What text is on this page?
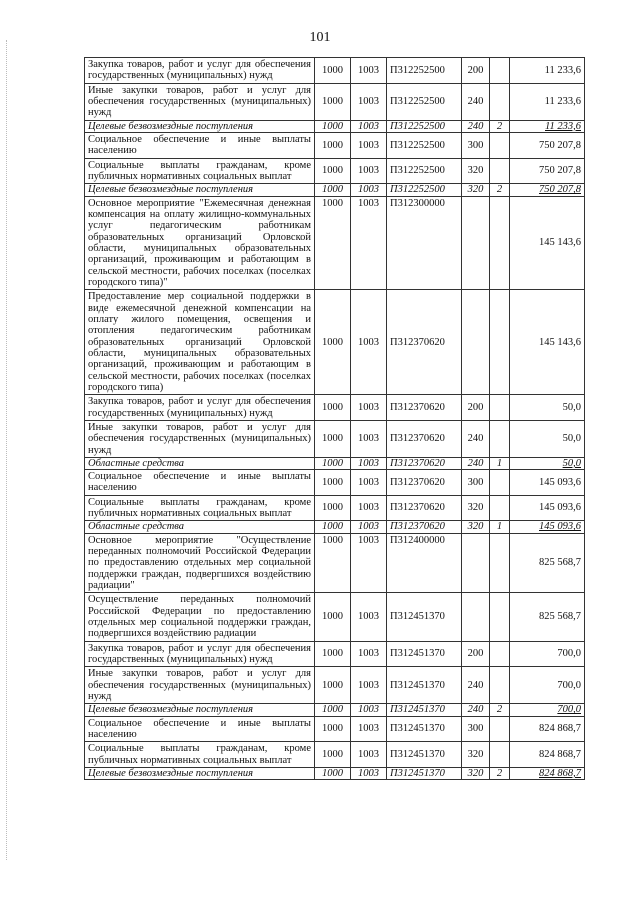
101
Закупка товаров, работ и услуг для обеспечения государственных (муниципальных) нужд	1000	1003	П312252500	200		11 233,6
Иные закупки товаров, работ и услуг для обеспечения государственных (муниципальных) нужд	1000	1003	П312252500	240		11 233,6
Целевые безвозмездные поступления	1000	1003	П312252500	240	2	11 233,6
Социальное обеспечение и иные выплаты населению	1000	1003	П312252500	300		750 207,8
Социальные выплаты гражданам, кроме публичных нормативных социальных выплат	1000	1003	П312252500	320		750 207,8
Целевые безвозмездные поступления	1000	1003	П312252500	320	2	750 207,8
Основное мероприятие "Ежемесячная денежная компенсация на оплату жилищно-коммунальных услуг педагогическим работникам образовательных организаций Орловской области, муниципальных образовательных организаций, проживающим и работающим в сельской местности, рабочих поселках (поселках городского типа)"	1000	1003	П312300000			145 143,6
Предоставление мер социальной поддержки в виде ежемесячной денежной компенсации на оплату жилого помещения, освещения и отопления педагогическим работникам образовательных организаций Орловской области, муниципальных образовательных организаций, проживающим и работающим в сельской местности, рабочих поселках (поселках городского типа)	1000	1003	П312370620			145 143,6
Закупка товаров, работ и услуг для обеспечения государственных (муниципальных) нужд	1000	1003	П312370620	200		50,0
Иные закупки товаров, работ и услуг для обеспечения государственных (муниципальных) нужд	1000	1003	П312370620	240		50,0
Областные средства	1000	1003	П312370620	240	1	50,0
Социальное обеспечение и иные выплаты населению	1000	1003	П312370620	300		145 093,6
Социальные выплаты гражданам, кроме публичных нормативных социальных выплат	1000	1003	П312370620	320		145 093,6
Областные средства	1000	1003	П312370620	320	1	145 093,6
Основное мероприятие "Осуществление переданных полномочий Российской Федерации по предоставлению отдельных мер социальной поддержки граждан, подвергшихся воздействию радиации"	1000	1003	П312400000			825 568,7
Осуществление переданных полномочий Российской Федерации по предоставлению отдельных мер социальной поддержки граждан, подвергшихся воздействию радиации	1000	1003	П312451370			825 568,7
Закупка товаров, работ и услуг для обеспечения государственных (муниципальных) нужд	1000	1003	П312451370	200		700,0
Иные закупки товаров, работ и услуг для обеспечения государственных (муниципальных) нужд	1000	1003	П312451370	240		700,0
Целевые безвозмездные поступления	1000	1003	П312451370	240	2	700,0
Социальное обеспечение и иные выплаты населению	1000	1003	П312451370	300		824 868,7
Социальные выплаты гражданам, кроме публичных нормативных социальных выплат	1000	1003	П312451370	320		824 868,7
Целевые безвозмездные поступления	1000	1003	П312451370	320	2	824 868,7
